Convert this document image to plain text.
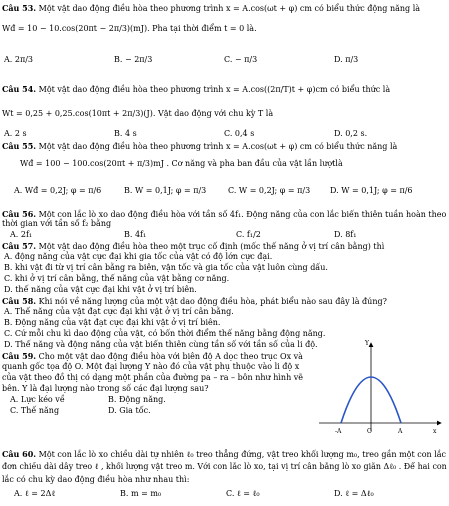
Câu 53. Một vật dao động điều hòa theo phương trình x = A.cos(ωt + φ) cm có biểu thức động năng là
Wđ = 10 − 10.cos(20πt − 2π/3)(mJ). Pha tại thời điểm t = 0 là.
A. 2π/3	B. − 2π/3	C. − π/3	D. π/3
Câu 54. Một vật dao động điều hòa theo phương trình x = A.cos((2π/T)t + φ)cm có biểu thức là
Wt = 0,25 + 0,25.cos(10πt + 2π/3)(J). Vật dao động với chu kỳ T là
A. 2 s	B. 4 s	C. 0,4 s	D. 0,2 s.
Câu 55. Một vật dao động điều hòa theo phương trình x = A.cos(ωt + φ) cm có biểu thức năng là
Wđ = 100 − 100.cos(20πt + π/3)mJ . Cơ năng và pha ban đầu của vật lần lượtlà
A. Wđ = 0,2J; φ = π/6	B. W = 0,1J; φ = π/3	C. W = 0,2J; φ = π/3 D. W = 0,1J; φ = π/6
Câu 56. Một con lắc lò xo dao động điều hòa với tần số 4f₁. Động năng của con lắc biến thiên tuần hoàn theo
thời gian với tần số f₂ bằng
A. 2f₁	B. 4f₁	C. f₁/2	D. 8f₁
Câu 57. Một vật dao động điều hòa theo một trục cố định (mốc thế năng ở vị trí cân bằng) thì
A. động năng của vật cực đại khi gia tốc của vật có độ lớn cực đại.
B. khi vật đi từ vị trí cân bằng ra biên, vận tốc và gia tốc của vật luôn cùng dấu.
C. khi ở vị trí cân bằng, thế năng của vật bằng cơ năng.
D. thế năng của vật cực đại khi vật ở vị trí biên.
Câu 58. Khi nói về năng lượng của một vật dao động điều hòa, phát biểu nào sau đây là đúng?
A. Thế năng của vật đạt cực đại khi vật ở vị trí cân bằng.
B. Động năng của vật đạt cực đại khi vật ở vị trí biên.
C. Cứ mỗi chu kì dao động của vật, có bốn thời điểm thế năng bằng động năng.
D. Thế năng và động năng của vật biến thiên cùng tần số với tần số của li độ.
Câu 59. Cho một vật dao động điều hòa với biên độ A dọc theo trục Ox và
quanh gốc tọa độ O. Một đại lượng Y nào đó của vật phụ thuộc vào li độ x
của vật theo đồ thị có dạng một phần của đường pa – ra – bôn như hình vẽ
bên. Y là đại lượng nào trong số các đại lượng sau?
A. Lực kéo về	B. Động năng.
C. Thế năng	D. Gia tốc.
Y
x
-A	O	A
Câu 60. Một con lắc lò xo chiều dài tự nhiên ℓ₀ treo thẳng đứng, vật treo khối lượng m₀, treo gần một con lắc
đơn chiều dài dây treo ℓ , khối lượng vật treo m. Với con lắc lò xo, tại vị trí cân bằng lò xo giãn Δℓ₀ . Để hai con
lắc có chu kỳ dao động điều hòa như nhau thì:
A. ℓ = 2Δℓ	B. m = m₀	C. ℓ = ℓ₀	D. ℓ = Δℓ₀
